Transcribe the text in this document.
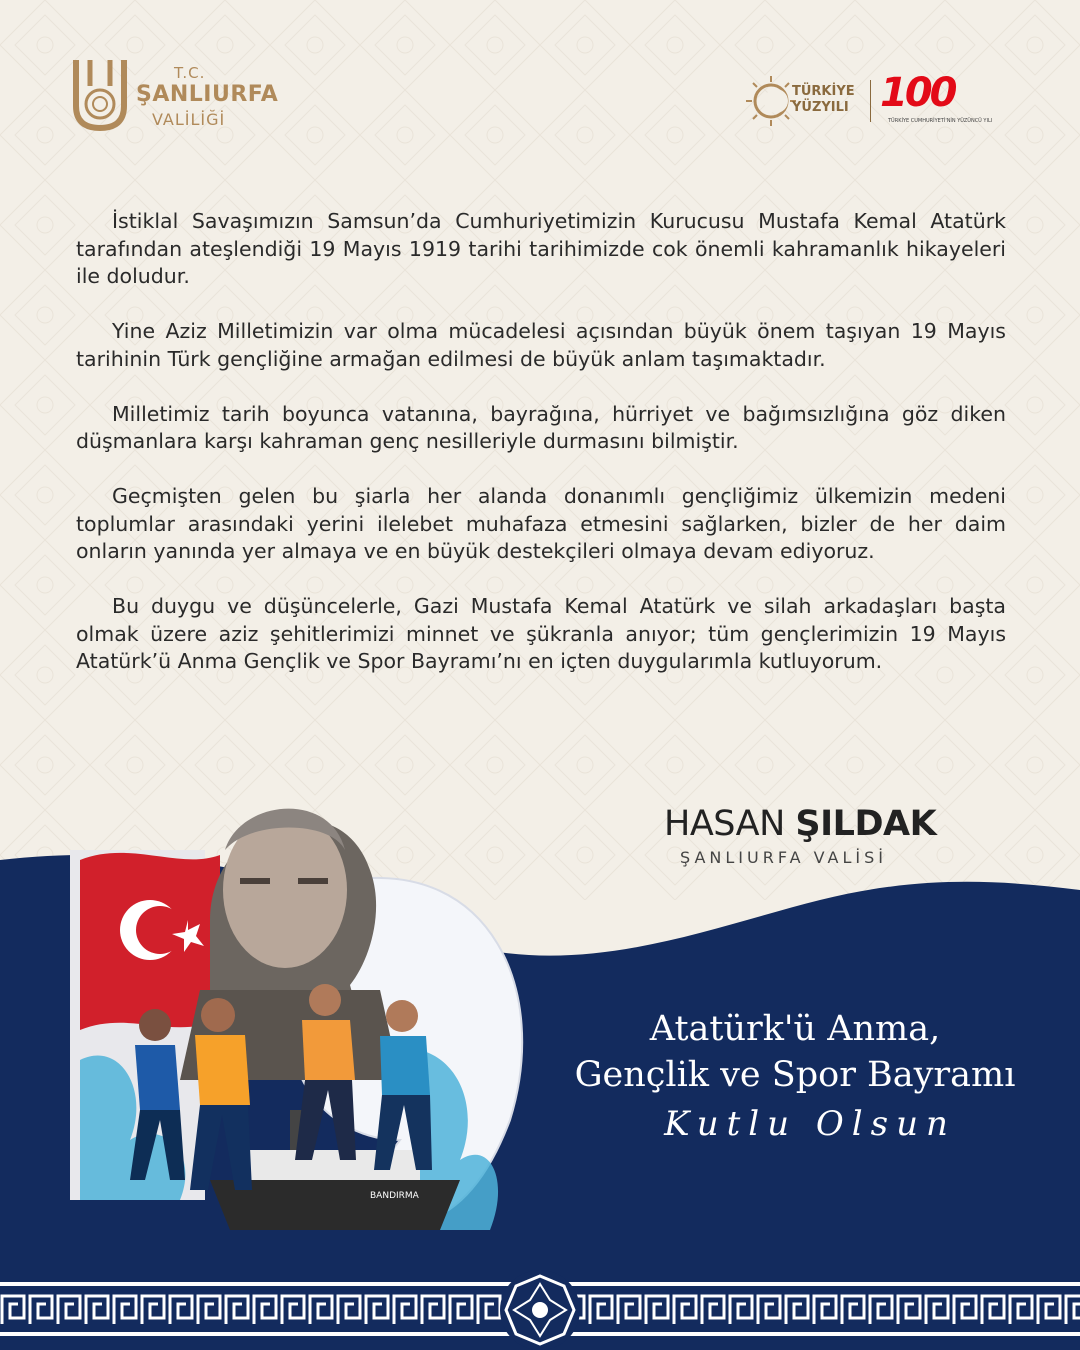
T.C.
ŞANLIURFA
VALİLİĞİ
TÜRKİYE
YÜZYILI 100
TÜRKİYE CUMHURİYETİ'NİN YÜZÜNCÜ YILI

İstiklal Savaşımızın Samsun’da Cumhuriyetimizin Kurucusu Mustafa Kemal Atatürk tarafından ateşlendiği 19 Mayıs 1919 tarihi tarihimizde cok önemli kahramanlık hikayeleri ile doludur.

Yine Aziz Milletimizin var olma mücadelesi açısından büyük önem taşıyan 19 Mayıs tarihinin Türk gençliğine armağan edilmesi de büyük anlam taşımaktadır.

Milletimiz tarih boyunca vatanına, bayrağına, hürriyet ve bağımsızlığına göz diken düşmanlara karşı kahraman genç nesilleriyle durmasını bilmiştir.

Geçmişten gelen bu şiarla her alanda donanımlı gençliğimiz ülkemizin medeni toplumlar arasındaki yerini ilelebet muhafaza etmesini sağlarken, bizler de her daim onların yanında yer almaya ve en büyük destekçileri olmaya devam ediyoruz.

Bu duygu ve düşüncelerle, Gazi Mustafa Kemal Atatürk ve silah arkadaşları başta olmak üzere aziz şehitlerimizi minnet ve şükranla anıyor; tüm gençlerimizin 19 Mayıs Atatürk’ü Anma Gençlik ve Spor Bayramı’nı en içten duygularımla kutluyorum.

HASAN ŞILDAK
ŞANLIURFA VALİSİ
BANDIRMA
Atatürk'ü Anma,
Gençlik ve Spor Bayramı
Kutlu Olsun
